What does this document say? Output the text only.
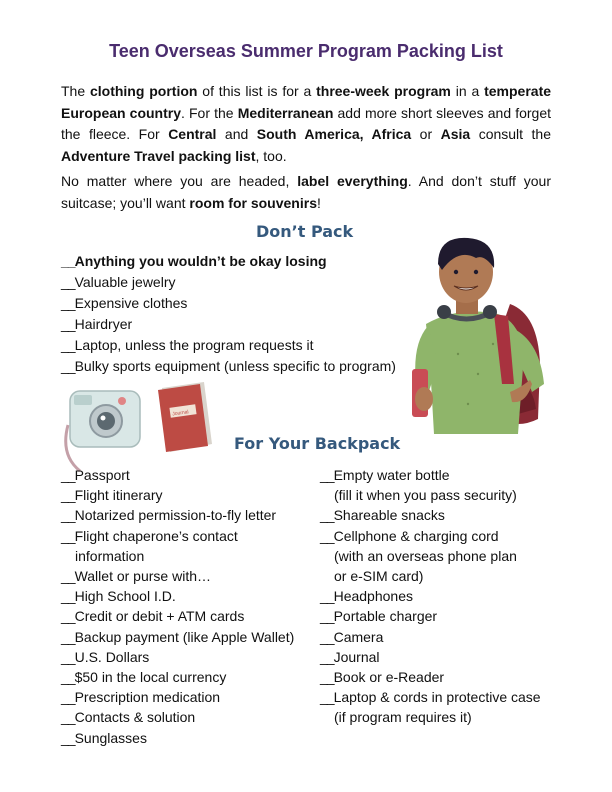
Teen Overseas Summer Program Packing List

The clothing portion of this list is for a three-week program in a temperate European country. For the Mediterranean add more short sleeves and forget the fleece. For Central and South America, Africa or Asia consult the Adventure Travel packing list, too.

No matter where you are headed, label everything. And don’t stuff your suitcase; you’ll want room for souvenirs!

Don’t Pack
__Anything you wouldn’t be okay losing
__Valuable jewelry
__Expensive clothes
__Hairdryer
__Laptop, unless the program requests it
__Bulky sports equipment (unless specific to program)
Journal
For Your Backpack
__Passport
__Flight itinerary
__Notarized permission-to-fly letter
__Flight chaperone’s contact
information
__Wallet or purse with…
__High School I.D.
__Credit or debit + ATM cards
__Backup payment (like Apple Wallet)
__U.S. Dollars
__$50 in the local currency
__Prescription medication
__Contacts & solution
__Sunglasses
__Empty water bottle
(fill it when you pass security)
__Shareable snacks
__Cellphone & charging cord
(with an overseas phone plan
or e-SIM card)
__Headphones
__Portable charger
__Camera
__Journal
__Book or e-Reader
__Laptop & cords in protective case
(if program requires it)
